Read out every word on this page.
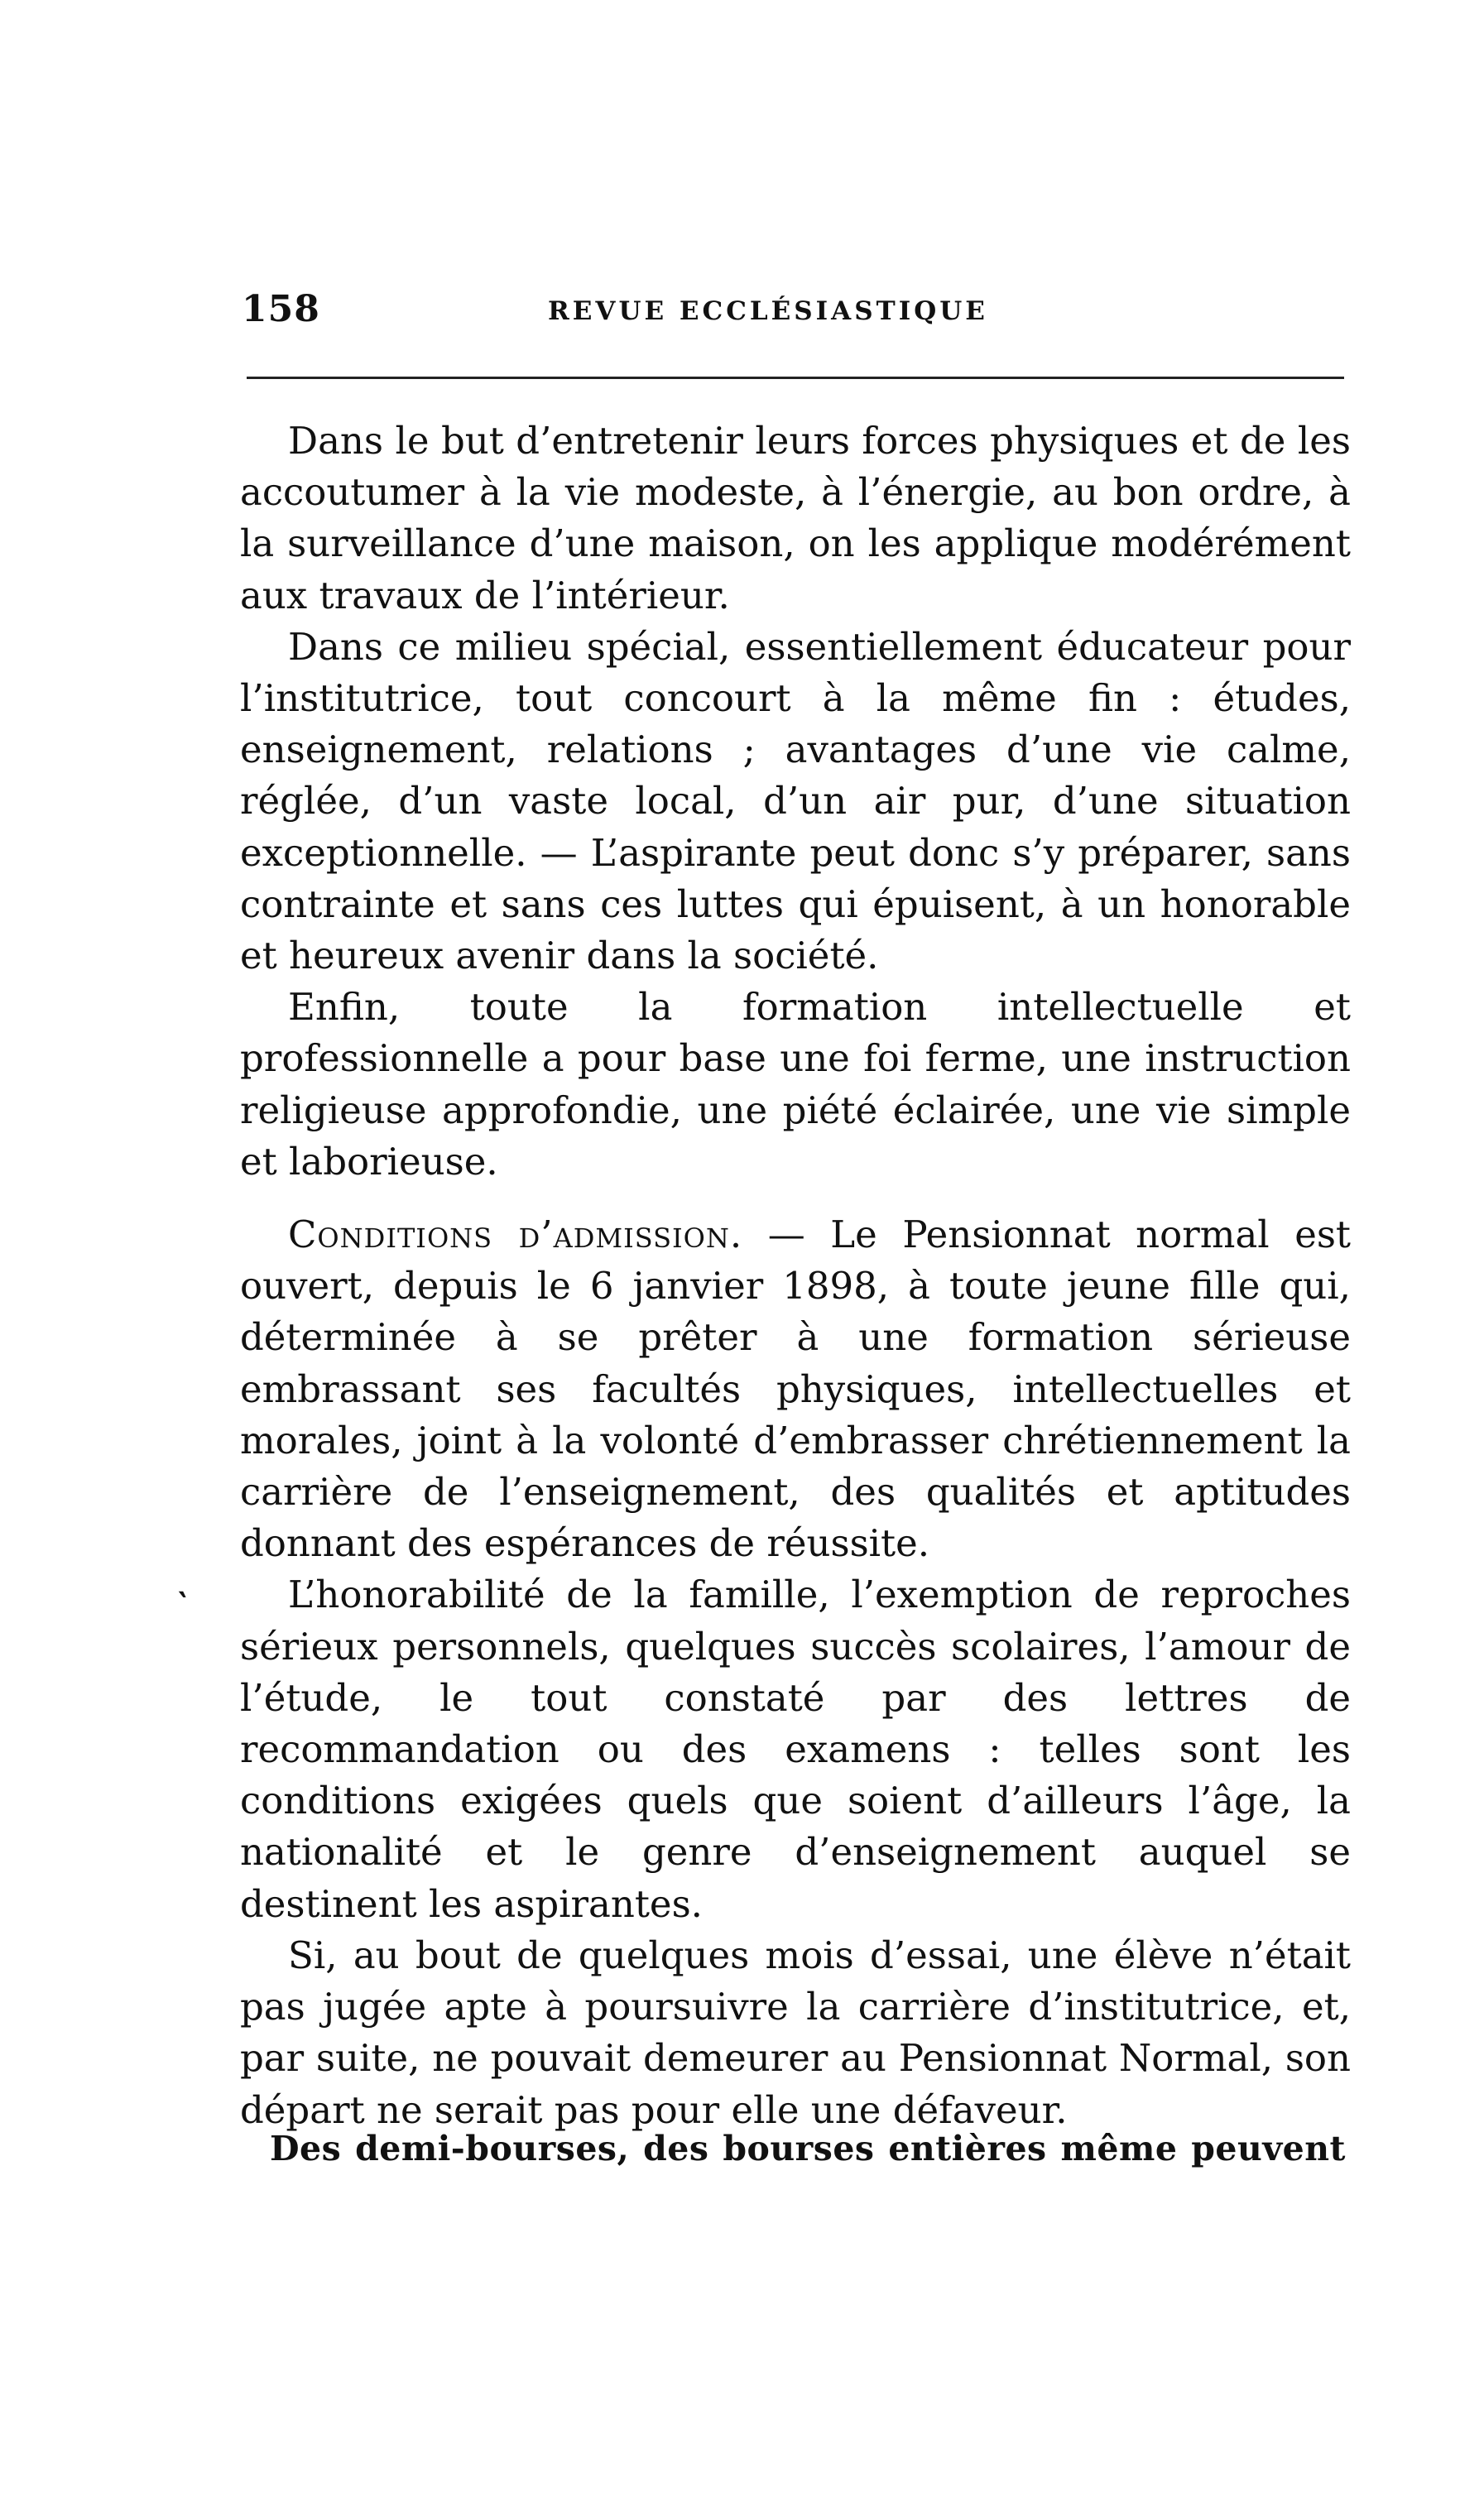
158	REVUE ECCLÉSIASTIQUE

Dans le but d’entretenir leurs forces physiques et de les accoutumer à la vie modeste, à l’énergie, au bon ordre, à la surveillance d’une maison, on les applique modérément aux travaux de l’intérieur.

Dans ce milieu spécial, essentiellement éducateur pour l’institutrice, tout concourt à la même fin : études, enseignement, relations ; avantages d’une vie calme, réglée, d’un vaste local, d’un air pur, d’une situation exceptionnelle. — L’aspirante peut donc s’y préparer, sans contrainte et sans ces luttes qui épuisent, à un honorable et heureux avenir dans la société.

Enfin, toute la formation intellectuelle et professionnelle a pour base une foi ferme, une instruction religieuse approfondie, une piété éclairée, une vie simple et laborieuse.

Conditions d’admission. — Le Pensionnat normal est ouvert, depuis le 6 janvier 1898, à toute jeune fille qui, déterminée à se prêter à une formation sérieuse embrassant ses facultés physiques, intellectuelles et morales, joint à la volonté d’embrasser chrétiennement la carrière de l’enseignement, des qualités et aptitudes donnant des espérances de réussite.

L’honorabilité de la famille, l’exemption de reproches sérieux personnels, quelques succès scolaires, l’amour de l’étude, le tout constaté par des lettres de recommandation ou des examens : telles sont les conditions exigées quels que soient d’ailleurs l’âge, la nationalité et le genre d’enseignement auquel se destinent les aspirantes.

Si, au bout de quelques mois d’essai, une élève n’était pas jugée apte à poursuivre la carrière d’institutrice, et, par suite, ne pouvait demeurer au Pensionnat Normal, son départ ne serait pas pour elle une défaveur.

‵
Des demi-bourses, des bourses entières même peuvent
